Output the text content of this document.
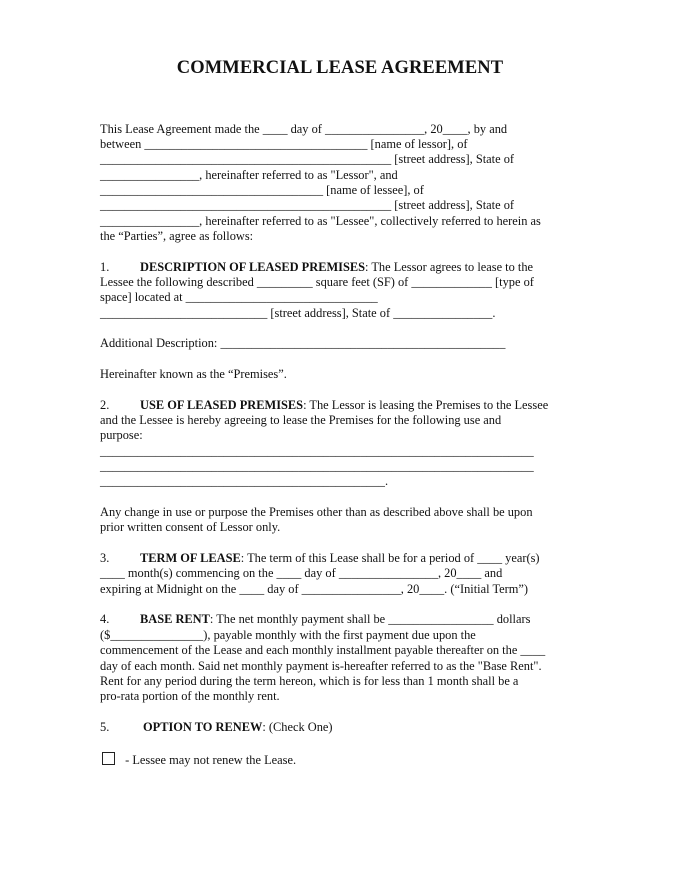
COMMERCIAL LEASE AGREEMENT
This Lease Agreement made the ____ day of ________________, 20____, by and
between ____________________________________ [name of lessor], of
_______________________________________________ [street address], State of
________________, hereinafter referred to as "Lessor", and
____________________________________ [name of lessee], of
_______________________________________________ [street address], State of
________________, hereinafter referred to as "Lessee", collectively referred to herein as
the “Parties”, agree as follows:
1. DESCRIPTION OF LEASED PREMISES: The Lessor agrees to lease to the
Lessee the following described _________ square feet (SF) of _____________ [type of
space] located at _______________________________
___________________________ [street address], State of ________________.
Additional Description: ______________________________________________
Hereinafter known as the “Premises”.
2. USE OF LEASED PREMISES: The Lessor is leasing the Premises to the Lessee
and the Lessee is hereby agreeing to lease the Premises for the following use and
purpose:
______________________________________________________________________
______________________________________________________________________
______________________________________________.
Any change in use or purpose the Premises other than as described above shall be upon
prior written consent of Lessor only.
3. TERM OF LEASE: The term of this Lease shall be for a period of ____ year(s)
____ month(s) commencing on the ____ day of ________________, 20____ and
expiring at Midnight on the ____ day of ________________, 20____. (“Initial Term”)
4. BASE RENT: The net monthly payment shall be _________________ dollars
($_______________), payable monthly with the first payment due upon the
commencement of the Lease and each monthly installment payable thereafter on the ____
day of each month. Said net monthly payment is-hereafter referred to as the "Base Rent".
Rent for any period during the term hereon, which is for less than 1 month shall be a
pro-rata portion of the monthly rent.
5.	OPTION TO RENEW: (Check One)
- Lessee may not renew the Lease.
